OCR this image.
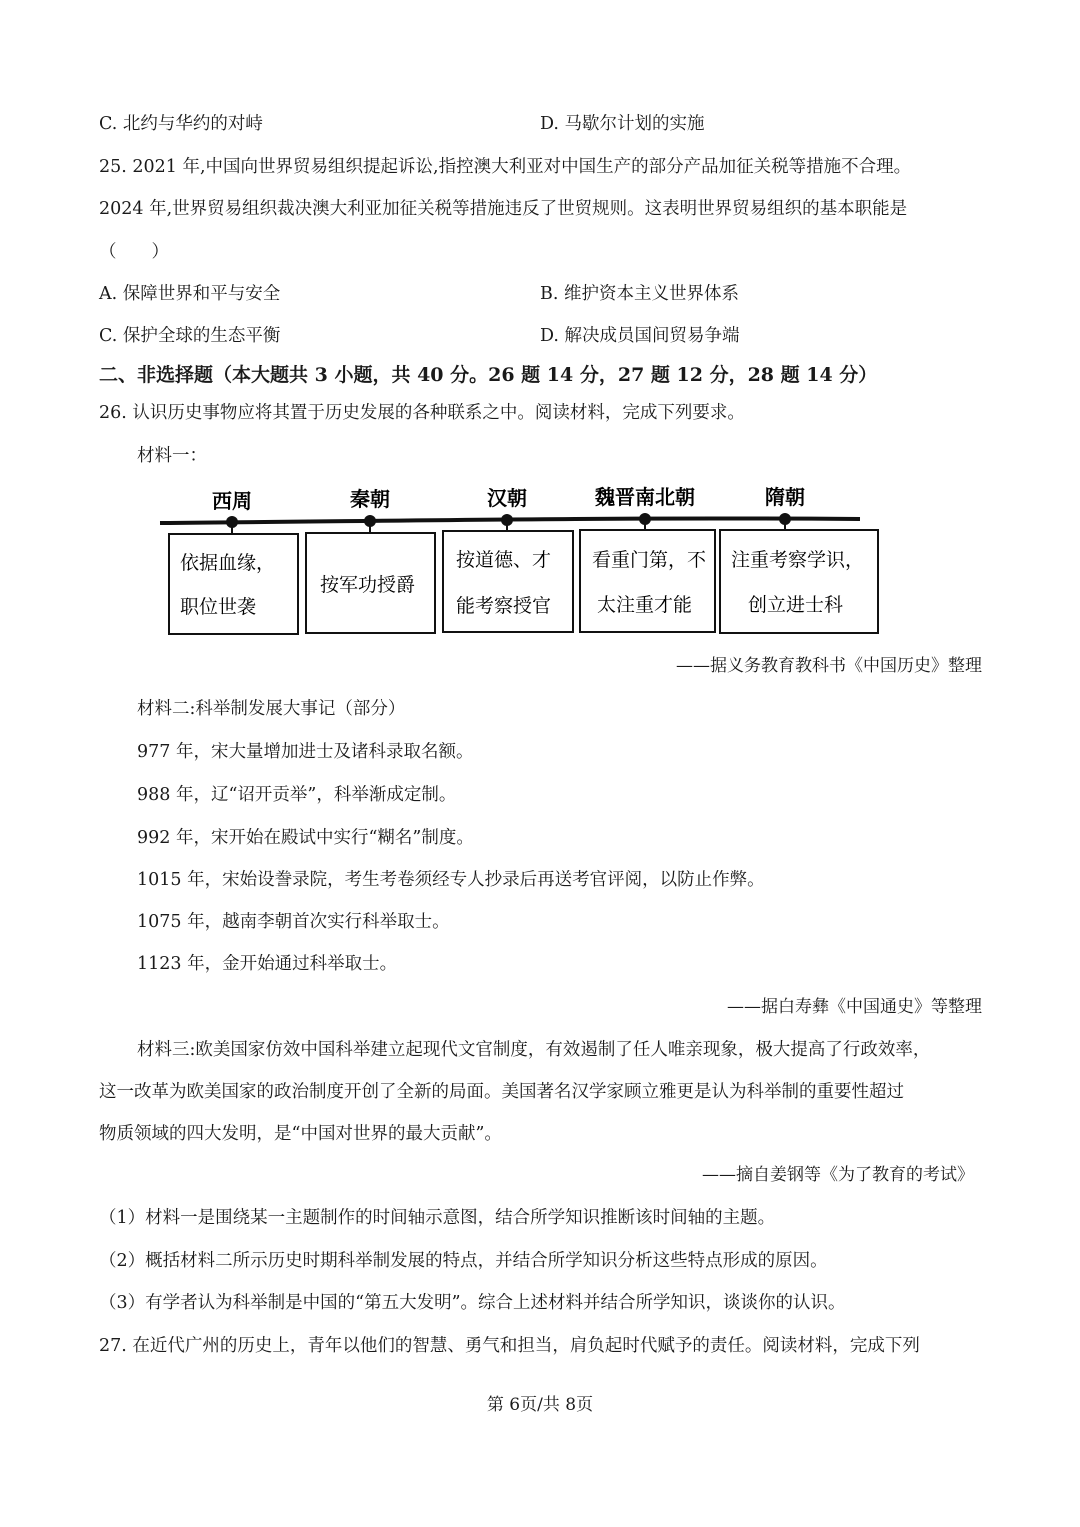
C. 北约与华约的对峙	D. 马歇尔计划的实施
25. 2021 年,中国向世界贸易组织提起诉讼,指控澳大利亚对中国生产的部分产品加征关税等措施不合理。
2024 年,世界贸易组织裁决澳大利亚加征关税等措施违反了世贸规则。这表明世界贸易组织的基本职能是
（　　）
A. 保障世界和平与安全	B. 维护资本主义世界体系
C. 保护全球的生态平衡	D. 解决成员国间贸易争端
二、非选择题（本大题共 3 小题，共 40 分。26 题 14 分，27 题 12 分，28 题 14 分）
26. 认识历史事物应将其置于历史发展的各种联系之中。阅读材料，完成下列要求。
材料一：
西周	秦朝	汉朝	魏晋南北朝	隋朝
依据血缘，
职位世袭
按军功授爵
按道德、才
能考察授官
看重门第，不
太注重才能
注重考察学识，
创立进士科
——据义务教育教科书《中国历史》整理
材料二:科举制发展大事记（部分）
977 年，宋大量增加进士及诸科录取名额。
988 年，辽“诏开贡举”，科举渐成定制。
992 年，宋开始在殿试中实行“糊名”制度。
1015 年，宋始设誊录院，考生考卷须经专人抄录后再送考官评阅，以防止作弊。
1075 年，越南李朝首次实行科举取士。
1123 年，金开始通过科举取士。
——据白寿彝《中国通史》等整理
材料三:欧美国家仿效中国科举建立起现代文官制度，有效遏制了任人唯亲现象，极大提高了行政效率，
这一改革为欧美国家的政治制度开创了全新的局面。美国著名汉学家顾立雅更是认为科举制的重要性超过
物质领域的四大发明，是“中国对世界的最大贡献”。
——摘自姜钢等《为了教育的考试》
（1）材料一是围绕某一主题制作的时间轴示意图，结合所学知识推断该时间轴的主题。
（2）概括材料二所示历史时期科举制发展的特点，并结合所学知识分析这些特点形成的原因。
（3）有学者认为科举制是中国的“第五大发明”。综合上述材料并结合所学知识，谈谈你的认识。
27. 在近代广州的历史上，青年以他们的智慧、勇气和担当，肩负起时代赋予的责任。阅读材料，完成下列
第 6页/共 8页
